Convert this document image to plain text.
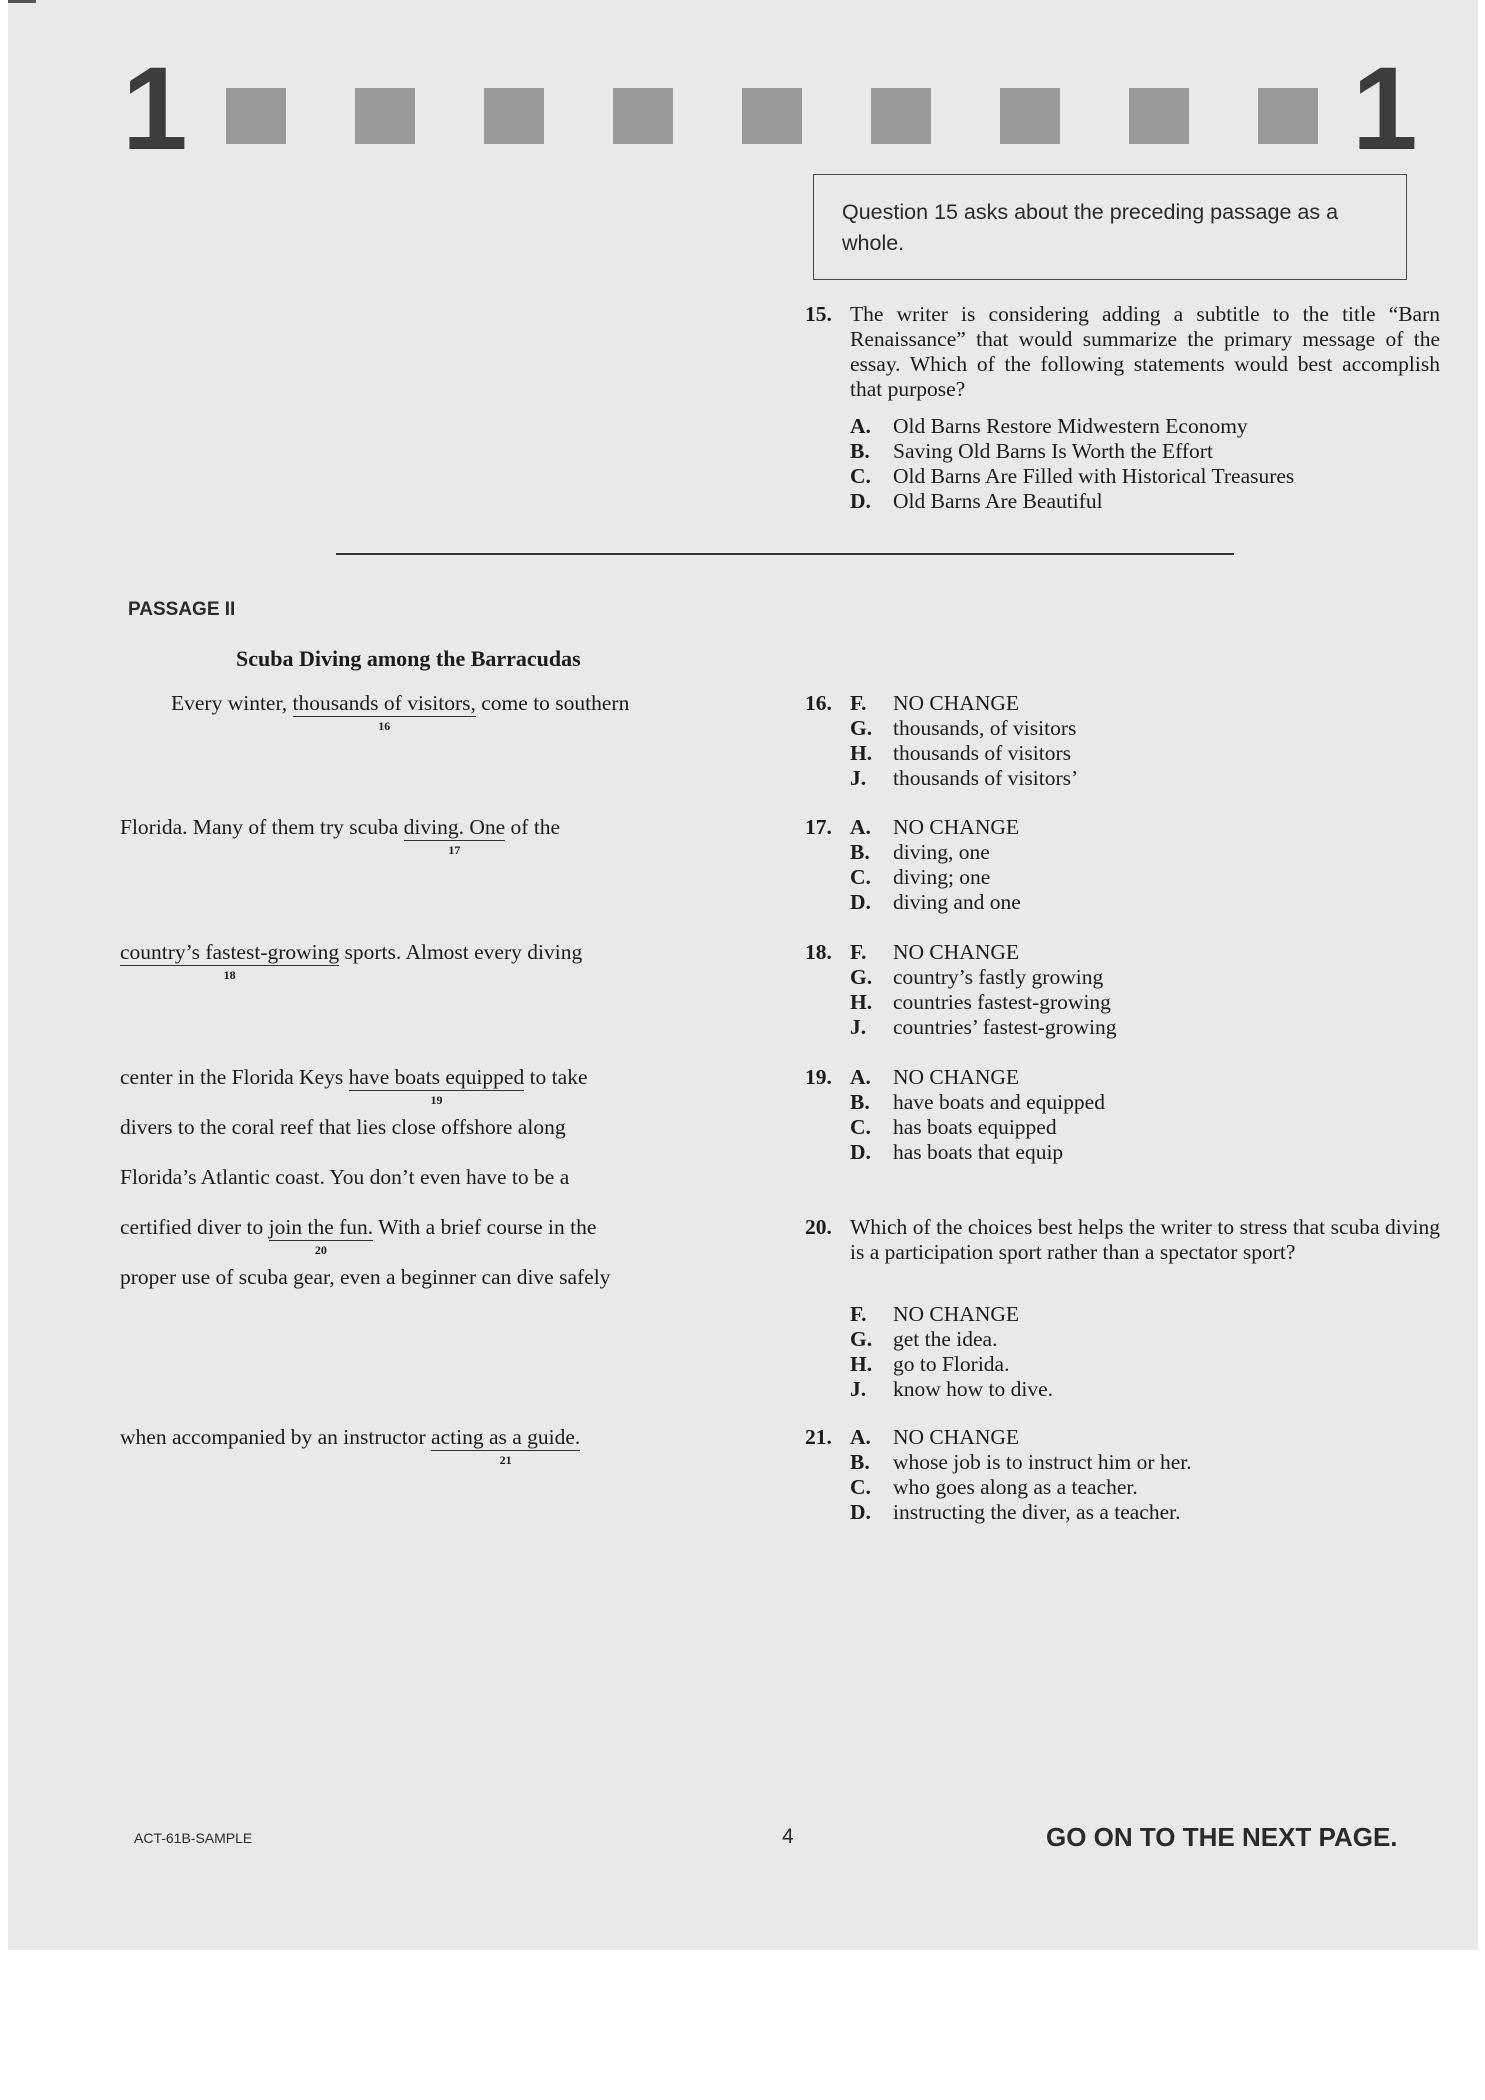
1	1
Question 15 asks about the preceding passage as a whole.
15. The writer is considering adding a subtitle to the title “Barn Renaissance” that would summarize the primary message of the essay. Which of the following statements would best accomplish that purpose?
A. Old Barns Restore Midwestern Economy
B. Saving Old Barns Is Worth the Effort
C. Old Barns Are Filled with Historical Treasures
D. Old Barns Are Beautiful
PASSAGE II
Scuba Diving among the Barracudas
Every winter, thousands of visitors,
16
come to southern
Florida. Many of them try scuba diving. One
17
of the
country’s fastest-growing
18
sports. Almost every diving
center in the Florida Keys have boats equipped
19
to take
divers to the coral reef that lies close offshore along
Florida’s Atlantic coast. You don’t even have to be a
certified diver to join the fun.
20
With a brief course in the
proper use of scuba gear, even a beginner can dive safely
when accompanied by an instructor acting as a guide.
21
16. F. NO CHANGE
G. thousands, of visitors
H. thousands of visitors
J. thousands of visitors’
17. A. NO CHANGE
B. diving, one
C. diving; one
D. diving and one
18. F. NO CHANGE
G. country’s fastly growing
H. countries fastest-growing
J. countries’ fastest-growing
19. A. NO CHANGE
B. have boats and equipped
C. has boats equipped
D. has boats that equip
20. Which of the choices best helps the writer to stress that scuba diving is a participation sport rather than a spectator sport?
F. NO CHANGE
G. get the idea.
H. go to Florida.
J. know how to dive.
21. A. NO CHANGE
B. whose job is to instruct him or her.
C. who goes along as a teacher.
D. instructing the diver, as a teacher.
ACT-61B-SAMPLE	4	GO ON TO THE NEXT PAGE.
